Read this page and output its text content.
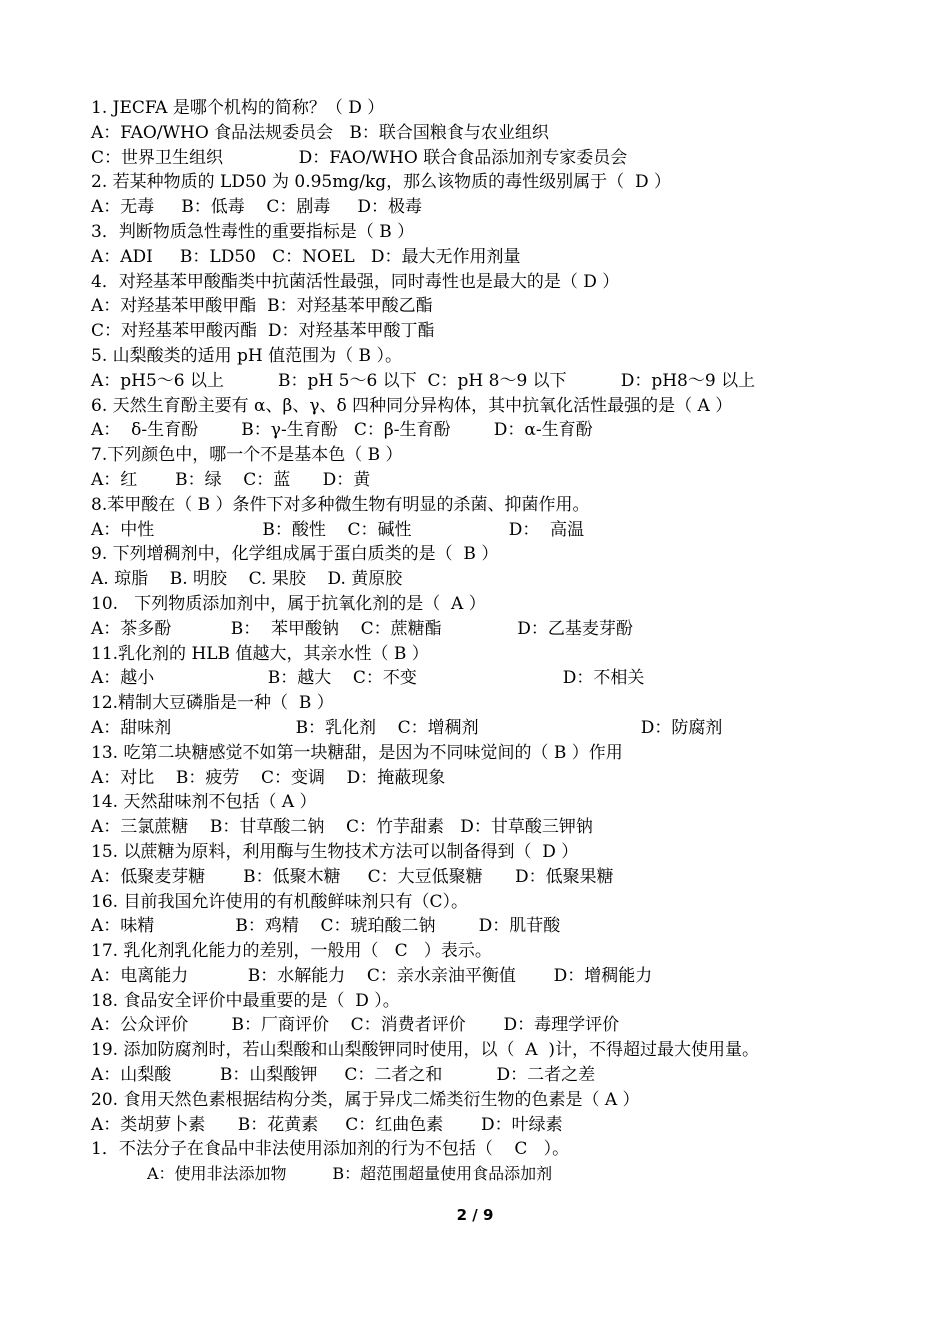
1. JECFA 是哪个机构的简称？（ D ）
A：FAO/WHO 食品法规委员会   B：联合国粮食与农业组织
C：世界卫生组织              D：FAO/WHO 联合食品添加剂专家委员会
2. 若某种物质的 LD50 为 0.95mg/kg，那么该物质的毒性级别属于（  D ）
A：无毒     B：低毒    C：剧毒     D：极毒
3．判断物质急性毒性的重要指标是（ B ）
A：ADI     B：LD50   C：NOEL   D：最大无作用剂量
4．对羟基苯甲酸酯类中抗菌活性最强，同时毒性也是最大的是（ D ）
A：对羟基苯甲酸甲酯  B：对羟基苯甲酸乙酯
C：对羟基苯甲酸丙酯  D：对羟基苯甲酸丁酯
5. 山梨酸类的适用 pH 值范围为（ B ）。
A：pH5～6 以上          B：pH 5～6 以下  C：pH 8～9 以下          D：pH8～9 以上
6. 天然生育酚主要有 α、β、γ、δ 四种同分异构体，其中抗氧化活性最强的是（ A ）
A：  δ-生育酚        B：γ-生育酚   C：β-生育酚        D：α-生育酚
7.下列颜色中，哪一个不是基本色（ B ）
A：红       B：绿    C：蓝      D：黄
8.苯甲酸在（ B ）条件下对多种微生物有明显的杀菌、抑菌作用。
A：中性                    B：酸性    C：碱性                  D：  高温
9. 下列增稠剂中，化学组成属于蛋白质类的是（  B ）
A. 琼脂    B. 明胶    C. 果胶    D. 黄原胶
10.   下列物质添加剂中，属于抗氧化剂的是（  A ）
A：茶多酚           B：  苯甲酸钠    C：蔗糖酯              D：乙基麦芽酚
11.乳化剂的 HLB 值越大，其亲水性（ B ）
A：越小                     B：越大    C：不变                           D：不相关
12.精制大豆磷脂是一种（  B ）
A：甜味剂                       B：乳化剂    C：增稠剂                              D：防腐剂
13. 吃第二块糖感觉不如第一块糖甜，是因为不同味觉间的（ B ）作用
A：对比    B：疲劳    C：变调    D：掩蔽现象
14. 天然甜味剂不包括（ A ）
A：三氯蔗糖    B：甘草酸二钠    C：竹芋甜素   D：甘草酸三钾钠
15. 以蔗糖为原料，利用酶与生物技术方法可以制备得到（  D ）
A：低聚麦芽糖       B：低聚木糖     C：大豆低聚糖      D：低聚果糖
16. 目前我国允许使用的有机酸鲜味剂只有（C）。
A：味精               B：鸡精    C：琥珀酸二钠        D：肌苷酸
17. 乳化剂乳化能力的差别，一般用（   C   ）表示。
A：电离能力           B：水解能力    C：亲水亲油平衡值       D：增稠能力
18. 食品安全评价中最重要的是（  D ）。
A：公众评价        B：厂商评价    C：消费者评价       D：毒理学评价
19. 添加防腐剂时，若山梨酸和山梨酸钾同时使用，以（  A  )计，不得超过最大使用量。
A：山梨酸         B：山梨酸钾     C：二者之和          D：二者之差
20. 食用天然色素根据结构分类，属于异戊二烯类衍生物的色素是（ A ）
A：类胡萝卜素      B：花黄素     C：红曲色素       D：叶绿素
1．不法分子在食品中非法使用添加剂的行为不包括（    C   ）。
A：使用非法添加物         B：超范围超量使用食品添加剂
2 / 9
